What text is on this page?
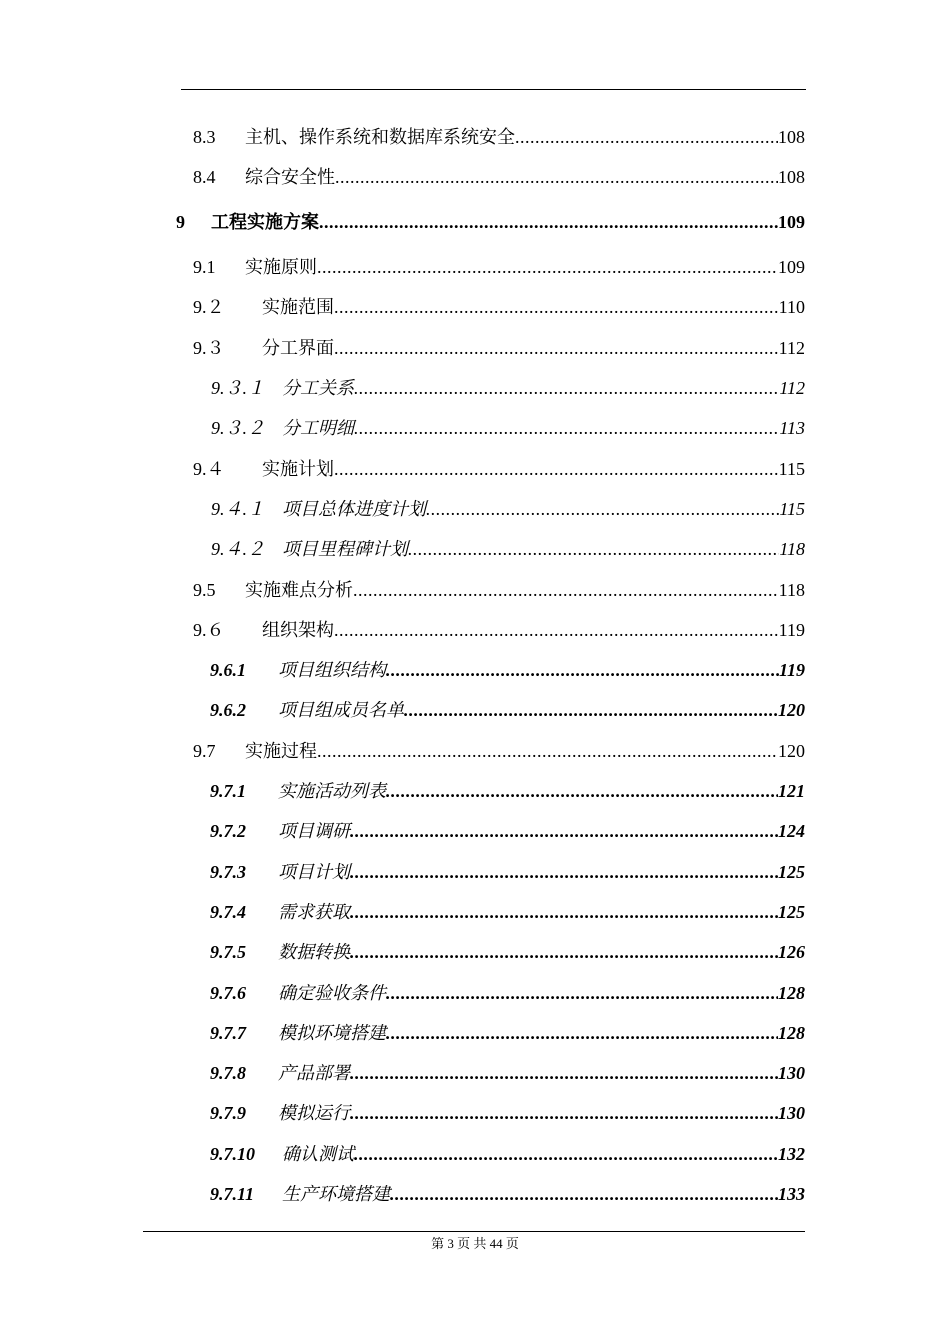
8.3	主机、操作系统和数据库系统安全 .....	108
8.4	综合安全性 .....	108
9	工程实施方案 .....	109
9.1	实施原则 .....	109
9.２	实施范围 .....	110
9.３	分工界面 .....	112
9.３.１ 分工关系 .....	112
9.３.２ 分工明细 .....	113
9.４	实施计划 .....	115
9.４.１ 项目总体进度计划 .....	115
9.４.２ 项目里程碑计划 .....	118
9.5	实施难点分析 .....	118
9.６	组织架构 .....	119
9.6.1	项目组织结构 .....	119
9.6.2	项目组成员名单 .....	120
9.7	实施过程 .....	120
9.7.1	实施活动列表 .....	121
9.7.2	项目调研 .....	124
9.7.3	项目计划 .....	125
9.7.4	需求获取 .....	125
9.7.5	数据转换 .....	126
9.7.6	确定验收条件 .....	128
9.7.7	模拟环境搭建 .....	128
9.7.8	产品部署 .....	130
9.7.9	模拟运行 .....	130
9.7.10	确认测试 .....	132
9.7.11	生产环境搭建 .....	133
第 3 页 共 44 页
